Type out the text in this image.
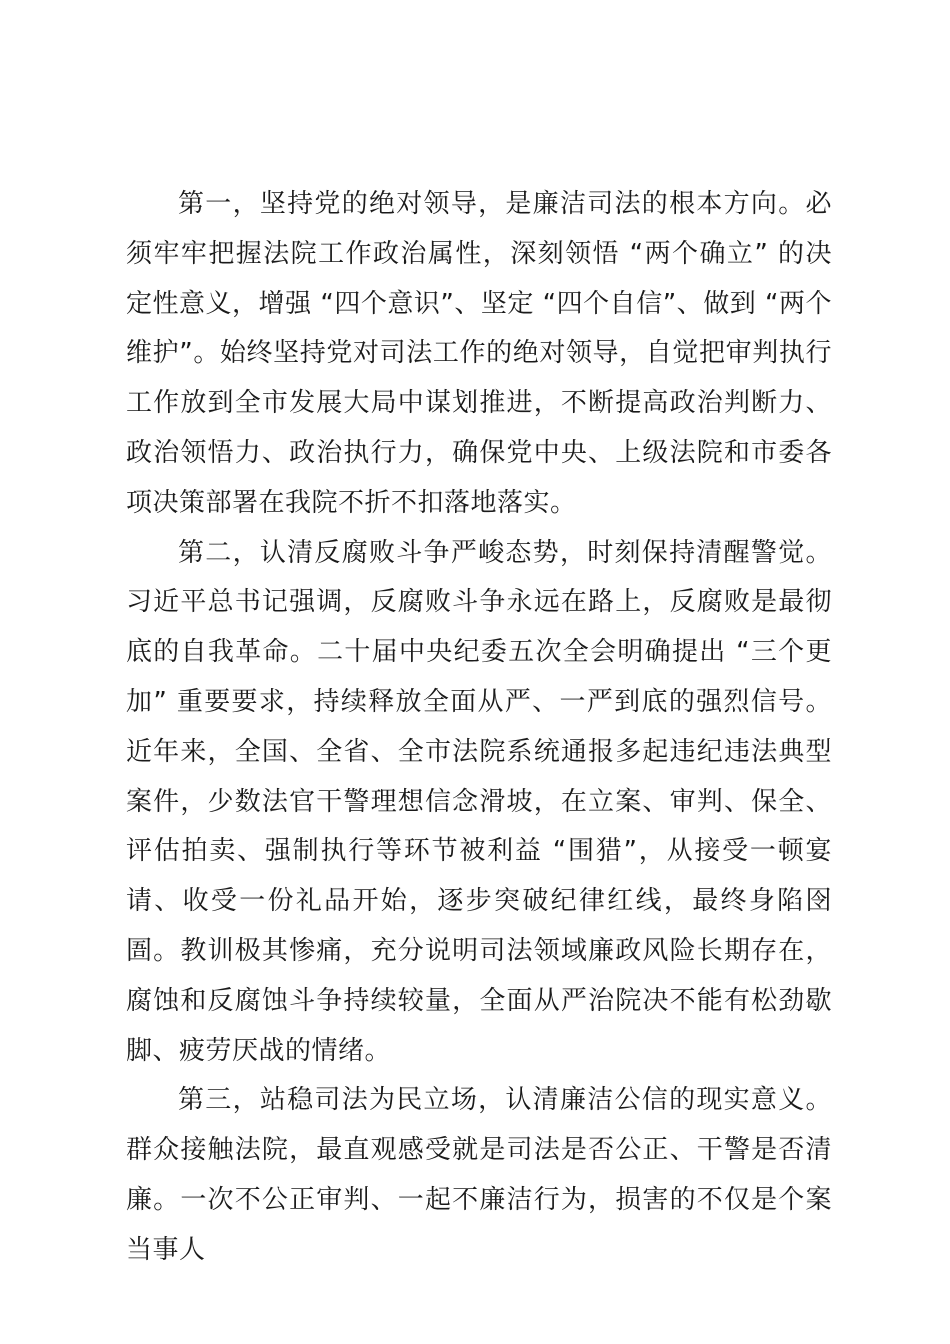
第一，坚持党的绝对领导，是廉洁司法的根本方向。必须牢牢把握法院工作政治属性，深刻领悟 “两个确立” 的决定性意义，增强 “四个意识”、坚定 “四个自信”、做到 “两个维护”。始终坚持党对司法工作的绝对领导，自觉把审判执行工作放到全市发展大局中谋划推进，不断提高政治判断力、政治领悟力、政治执行力，确保党中央、上级法院和市委各项决策部署在我院不折不扣落地落实。

第二，认清反腐败斗争严峻态势，时刻保持清醒警觉。习近平总书记强调，反腐败斗争永远在路上，反腐败是最彻底的自我革命。二十届中央纪委五次全会明确提出 “三个更加” 重要要求，持续释放全面从严、一严到底的强烈信号。近年来，全国、全省、全市法院系统通报多起违纪违法典型案件，少数法官干警理想信念滑坡，在立案、审判、保全、评估拍卖、强制执行等环节被利益 “围猎”，从接受一顿宴请、收受一份礼品开始，逐步突破纪律红线，最终身陷囹圄。教训极其惨痛，充分说明司法领域廉政风险长期存在，腐蚀和反腐蚀斗争持续较量，全面从严治院决不能有松劲歇脚、疲劳厌战的情绪。

第三，站稳司法为民立场，认清廉洁公信的现实意义。群众接触法院，最直观感受就是司法是否公正、干警是否清廉。一次不公正审判、一起不廉洁行为，损害的不仅是个案当事人
